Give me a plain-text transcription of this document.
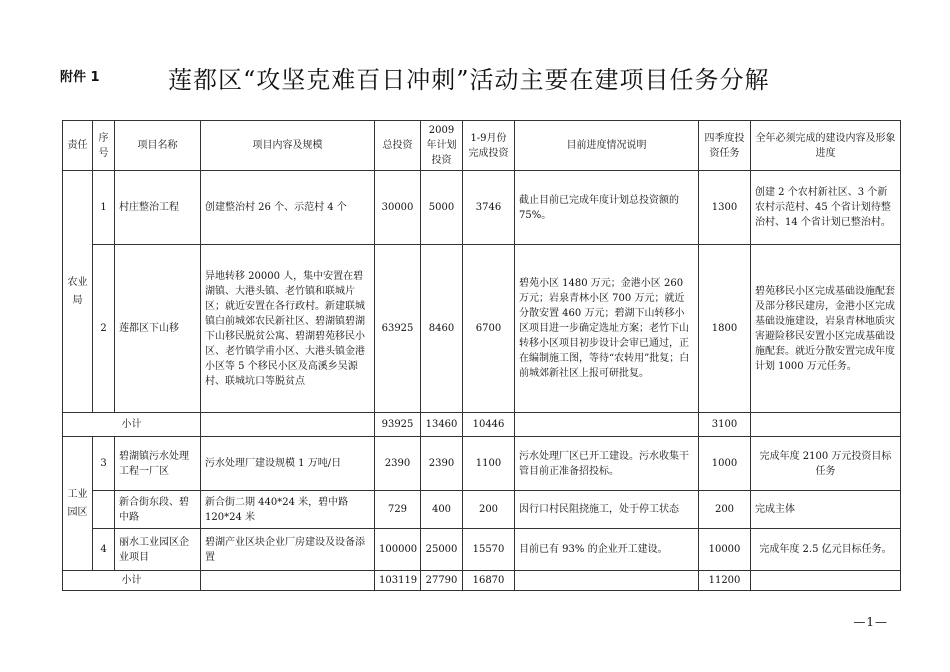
附件 1	莲都区“攻坚克难百日冲刺”活动主要在建项目任务分解
责任	序号	项目名称	项目内容及规模	总投资	2009年计划投资	1-9月份完成投资	目前进度情况说明	四季度投资任务	全年必须完成的建设内容及形象进度
农业局	1	村庄整治工程	创建整治村 26 个、示范村 4 个	30000	5000	3746	截止目前已完成年度计划总投资额的 75%。	1300	创建 2 个农村新社区、3 个新农村示范村、45 个省计划待整治村、14 个省计划已整治村。
	2	莲都区下山移	异地转移 20000 人，集中安置在碧湖镇、大港头镇、老竹镇和联城片区；就近安置在各行政村。新建联城镇白前城郊农民新社区、碧湖镇碧湖下山移民脱贫公寓、碧湖碧苑移民小区、老竹镇学甫小区、大港头镇金港小区等 5 个移民小区及高溪乡吴源村、联城坑口等脱贫点	63925	8460	6700	碧苑小区 1480 万元；金港小区 260 万元；岩泉青林小区 700 万元；就近分散安置 460 万元；碧湖下山转移小区项目进一步确定选址方案；老竹下山转移小区项目初步设计会审已通过，正在编制施工图，等待“农转用”批复；白前城郊新社区上报可研批复。	1800	碧苑移民小区完成基础设施配套及部分移民建房，金港小区完成基础设施建设，岩泉青林地质灾害避险移民安置小区完成基础设施配套。就近分散安置完成年度计划 1000 万元任务。
小计				93925	13460	10446		3100	
工业园区	3	碧湖镇污水处理工程一厂区	污水处理厂建设规模 1 万吨/日	2390	2390	1100	污水处理厂区已开工建设。污水收集干管目前正准备招投标。	1000	完成年度 2100 万元投资目标任务
		新合街东段、碧中路	新合街二期 440*24 米，碧中路 120*24 米	729	400	200	因行口村民阻挠施工，处于停工状态	200	完成主体
	4	丽水工业园区企业项目	碧湖产业区块企业厂房建设及设备添置	100000	25000	15570	目前已有 93% 的企业开工建设。	10000	完成年度 2.5 亿元目标任务。
小计				103119	27790	16870		11200	
—1—
